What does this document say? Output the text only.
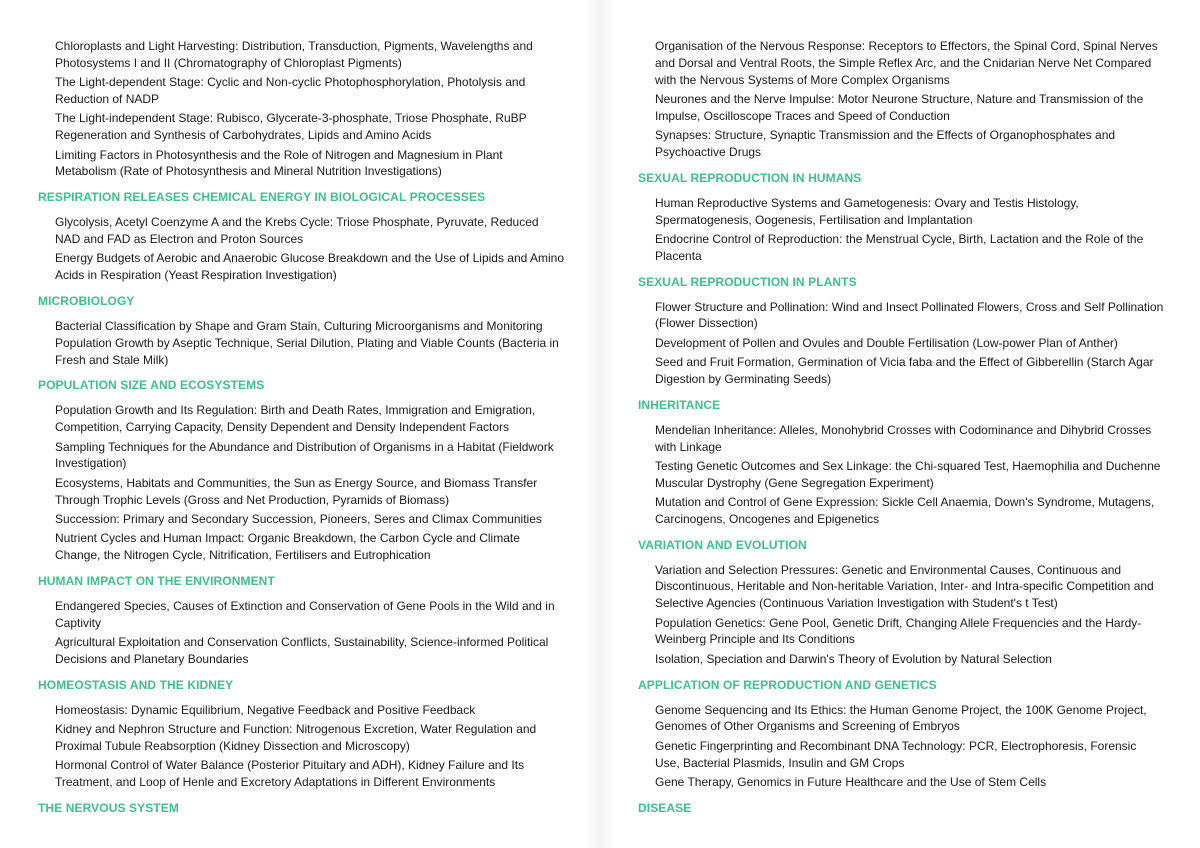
Chloroplasts and Light Harvesting: Distribution, Transduction, Pigments, Wavelengths and Photosystems I and II (Chromatography of Chloroplast Pigments)
The Light-dependent Stage: Cyclic and Non-cyclic Photophosphorylation, Photolysis and Reduction of NADP
The Light-independent Stage: Rubisco, Glycerate-3-phosphate, Triose Phosphate, RuBP Regeneration and Synthesis of Carbohydrates, Lipids and Amino Acids
Limiting Factors in Photosynthesis and the Role of Nitrogen and Magnesium in Plant Metabolism (Rate of Photosynthesis and Mineral Nutrition Investigations)
RESPIRATION RELEASES CHEMICAL ENERGY IN BIOLOGICAL PROCESSES
Glycolysis, Acetyl Coenzyme A and the Krebs Cycle: Triose Phosphate, Pyruvate, Reduced NAD and FAD as Electron and Proton Sources
Energy Budgets of Aerobic and Anaerobic Glucose Breakdown and the Use of Lipids and Amino Acids in Respiration (Yeast Respiration Investigation)
MICROBIOLOGY
Bacterial Classification by Shape and Gram Stain, Culturing Microorganisms and Monitoring Population Growth by Aseptic Technique, Serial Dilution, Plating and Viable Counts (Bacteria in Fresh and Stale Milk)
POPULATION SIZE AND ECOSYSTEMS
Population Growth and Its Regulation: Birth and Death Rates, Immigration and Emigration, Competition, Carrying Capacity, Density Dependent and Density Independent Factors
Sampling Techniques for the Abundance and Distribution of Organisms in a Habitat (Fieldwork Investigation)
Ecosystems, Habitats and Communities, the Sun as Energy Source, and Biomass Transfer Through Trophic Levels (Gross and Net Production, Pyramids of Biomass)
Succession: Primary and Secondary Succession, Pioneers, Seres and Climax Communities
Nutrient Cycles and Human Impact: Organic Breakdown, the Carbon Cycle and Climate Change, the Nitrogen Cycle, Nitrification, Fertilisers and Eutrophication
HUMAN IMPACT ON THE ENVIRONMENT
Endangered Species, Causes of Extinction and Conservation of Gene Pools in the Wild and in Captivity
Agricultural Exploitation and Conservation Conflicts, Sustainability, Science-informed Political Decisions and Planetary Boundaries
HOMEOSTASIS AND THE KIDNEY
Homeostasis: Dynamic Equilibrium, Negative Feedback and Positive Feedback
Kidney and Nephron Structure and Function: Nitrogenous Excretion, Water Regulation and Proximal Tubule Reabsorption (Kidney Dissection and Microscopy)
Hormonal Control of Water Balance (Posterior Pituitary and ADH), Kidney Failure and Its Treatment, and Loop of Henle and Excretory Adaptations in Different Environments
THE NERVOUS SYSTEM
Organisation of the Nervous Response: Receptors to Effectors, the Spinal Cord, Spinal Nerves and Dorsal and Ventral Roots, the Simple Reflex Arc, and the Cnidarian Nerve Net Compared with the Nervous Systems of More Complex Organisms
Neurones and the Nerve Impulse: Motor Neurone Structure, Nature and Transmission of the Impulse, Oscilloscope Traces and Speed of Conduction
Synapses: Structure, Synaptic Transmission and the Effects of Organophosphates and Psychoactive Drugs
SEXUAL REPRODUCTION IN HUMANS
Human Reproductive Systems and Gametogenesis: Ovary and Testis Histology, Spermatogenesis, Oogenesis, Fertilisation and Implantation
Endocrine Control of Reproduction: the Menstrual Cycle, Birth, Lactation and the Role of the Placenta
SEXUAL REPRODUCTION IN PLANTS
Flower Structure and Pollination: Wind and Insect Pollinated Flowers, Cross and Self Pollination (Flower Dissection)
Development of Pollen and Ovules and Double Fertilisation (Low-power Plan of Anther)
Seed and Fruit Formation, Germination of Vicia faba and the Effect of Gibberellin (Starch Agar Digestion by Germinating Seeds)
INHERITANCE
Mendelian Inheritance: Alleles, Monohybrid Crosses with Codominance and Dihybrid Crosses with Linkage
Testing Genetic Outcomes and Sex Linkage: the Chi-squared Test, Haemophilia and Duchenne Muscular Dystrophy (Gene Segregation Experiment)
Mutation and Control of Gene Expression: Sickle Cell Anaemia, Down's Syndrome, Mutagens, Carcinogens, Oncogenes and Epigenetics
VARIATION AND EVOLUTION
Variation and Selection Pressures: Genetic and Environmental Causes, Continuous and Discontinuous, Heritable and Non-heritable Variation, Inter- and Intra-specific Competition and Selective Agencies (Continuous Variation Investigation with Student's t Test)
Population Genetics: Gene Pool, Genetic Drift, Changing Allele Frequencies and the Hardy-Weinberg Principle and Its Conditions
Isolation, Speciation and Darwin's Theory of Evolution by Natural Selection
APPLICATION OF REPRODUCTION AND GENETICS
Genome Sequencing and Its Ethics: the Human Genome Project, the 100K Genome Project, Genomes of Other Organisms and Screening of Embryos
Genetic Fingerprinting and Recombinant DNA Technology: PCR, Electrophoresis, Forensic Use, Bacterial Plasmids, Insulin and GM Crops
Gene Therapy, Genomics in Future Healthcare and the Use of Stem Cells
DISEASE
